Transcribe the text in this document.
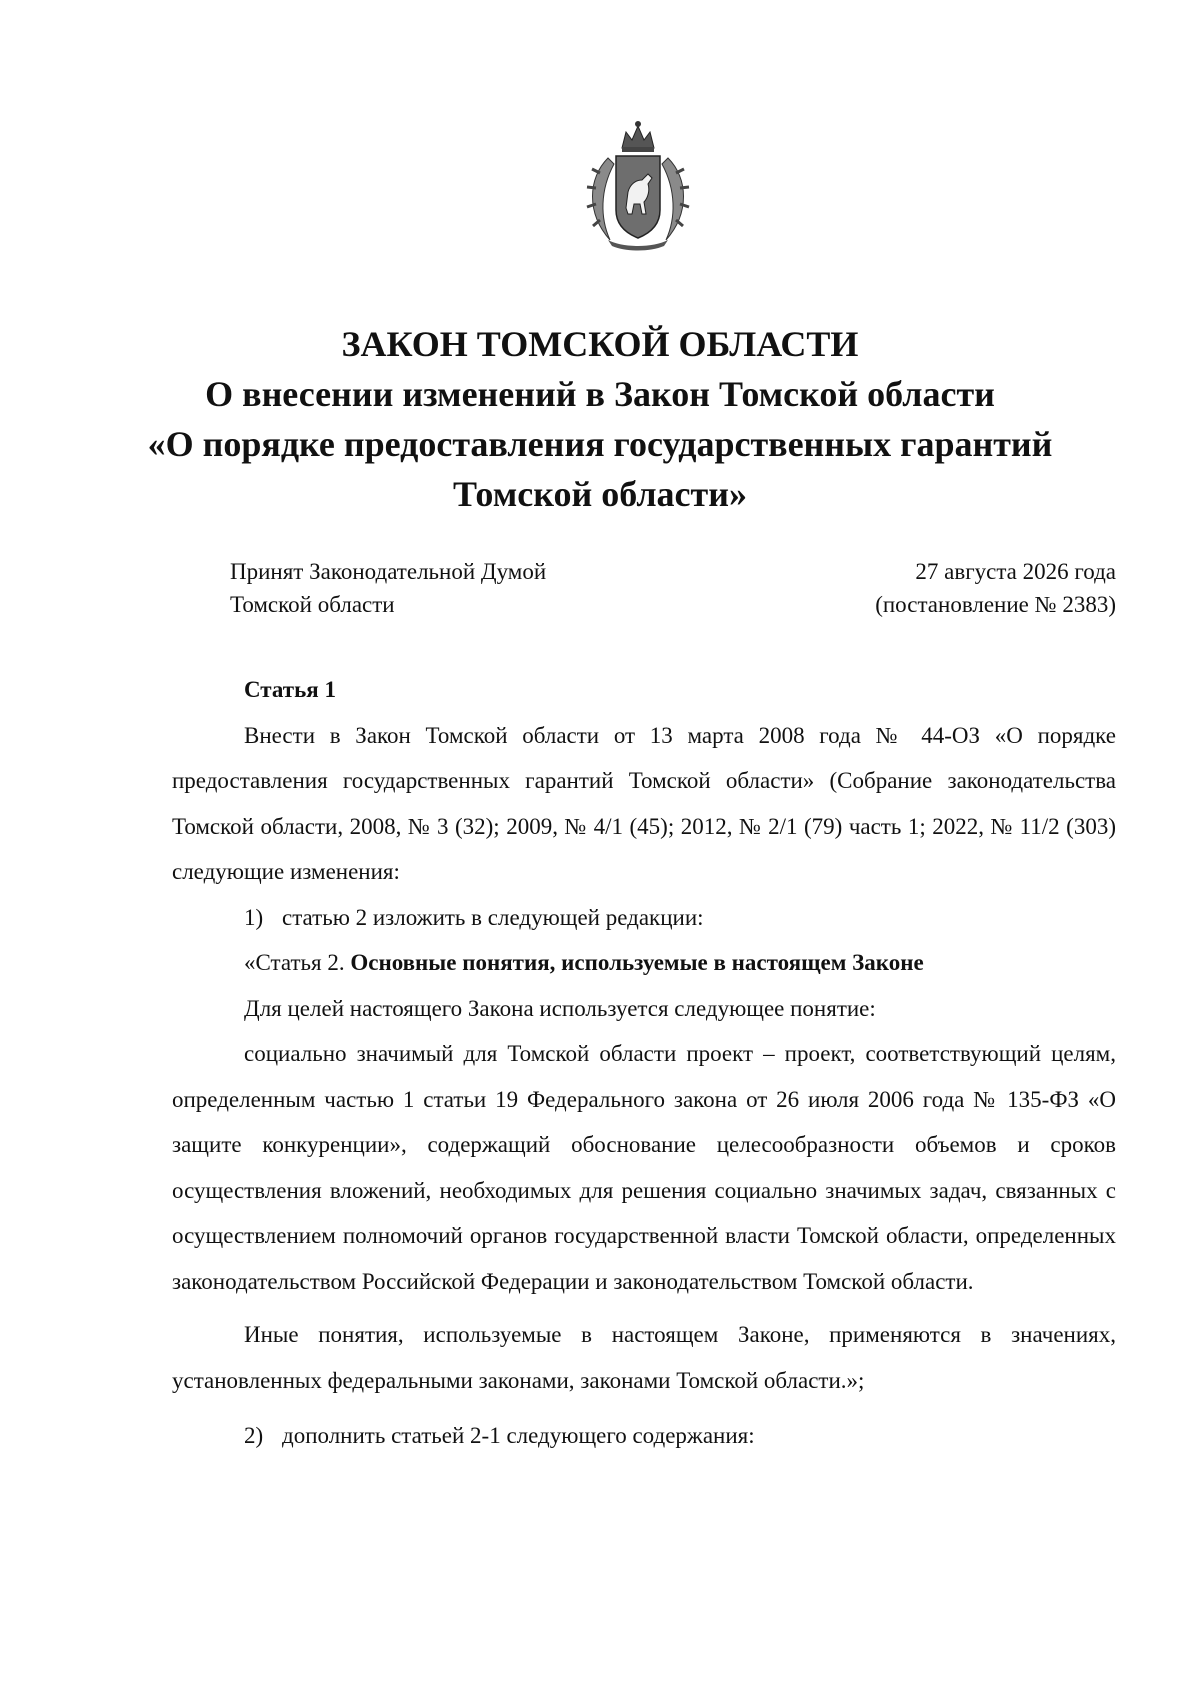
ЗАКОН ТОМСКОЙ ОБЛАСТИ
О внесении изменений в Закон Томской области
«О порядке предоставления государственных гарантий
Томской области»
Принят Законодательной Думой
Томской области
27 августа 2026 года
(постановление № 2383)

Статья 1

Внести в Закон Томской области от 13 марта 2008 года № 44-ОЗ «О порядке предоставления государственных гарантий Томской области» (Собрание законодательства Томской области, 2008, № 3 (32); 2009, № 4/1 (45); 2012, № 2/1 (79) часть 1; 2022, № 11/2 (303) следующие изменения:

1) статью 2 изложить в следующей редакции:

«Статья 2. Основные понятия, используемые в настоящем Законе

Для целей настоящего Закона используется следующее понятие:

социально значимый для Томской области проект – проект, соответствующий целям, определенным частью 1 статьи 19 Федерального закона от 26 июля 2006 года № 135-ФЗ «О защите конкуренции», содержащий обоснование целесообразности объемов и сроков осуществления вложений, необходимых для решения социально значимых задач, связанных с осуществлением полномочий органов государственной власти Томской области, определенных законодательством Российской Федерации и законодательством Томской области.

Иные понятия, используемые в настоящем Законе, применяются в значениях, установленных федеральными законами, законами Томской области.»;

2) дополнить статьей 2-1 следующего содержания:
